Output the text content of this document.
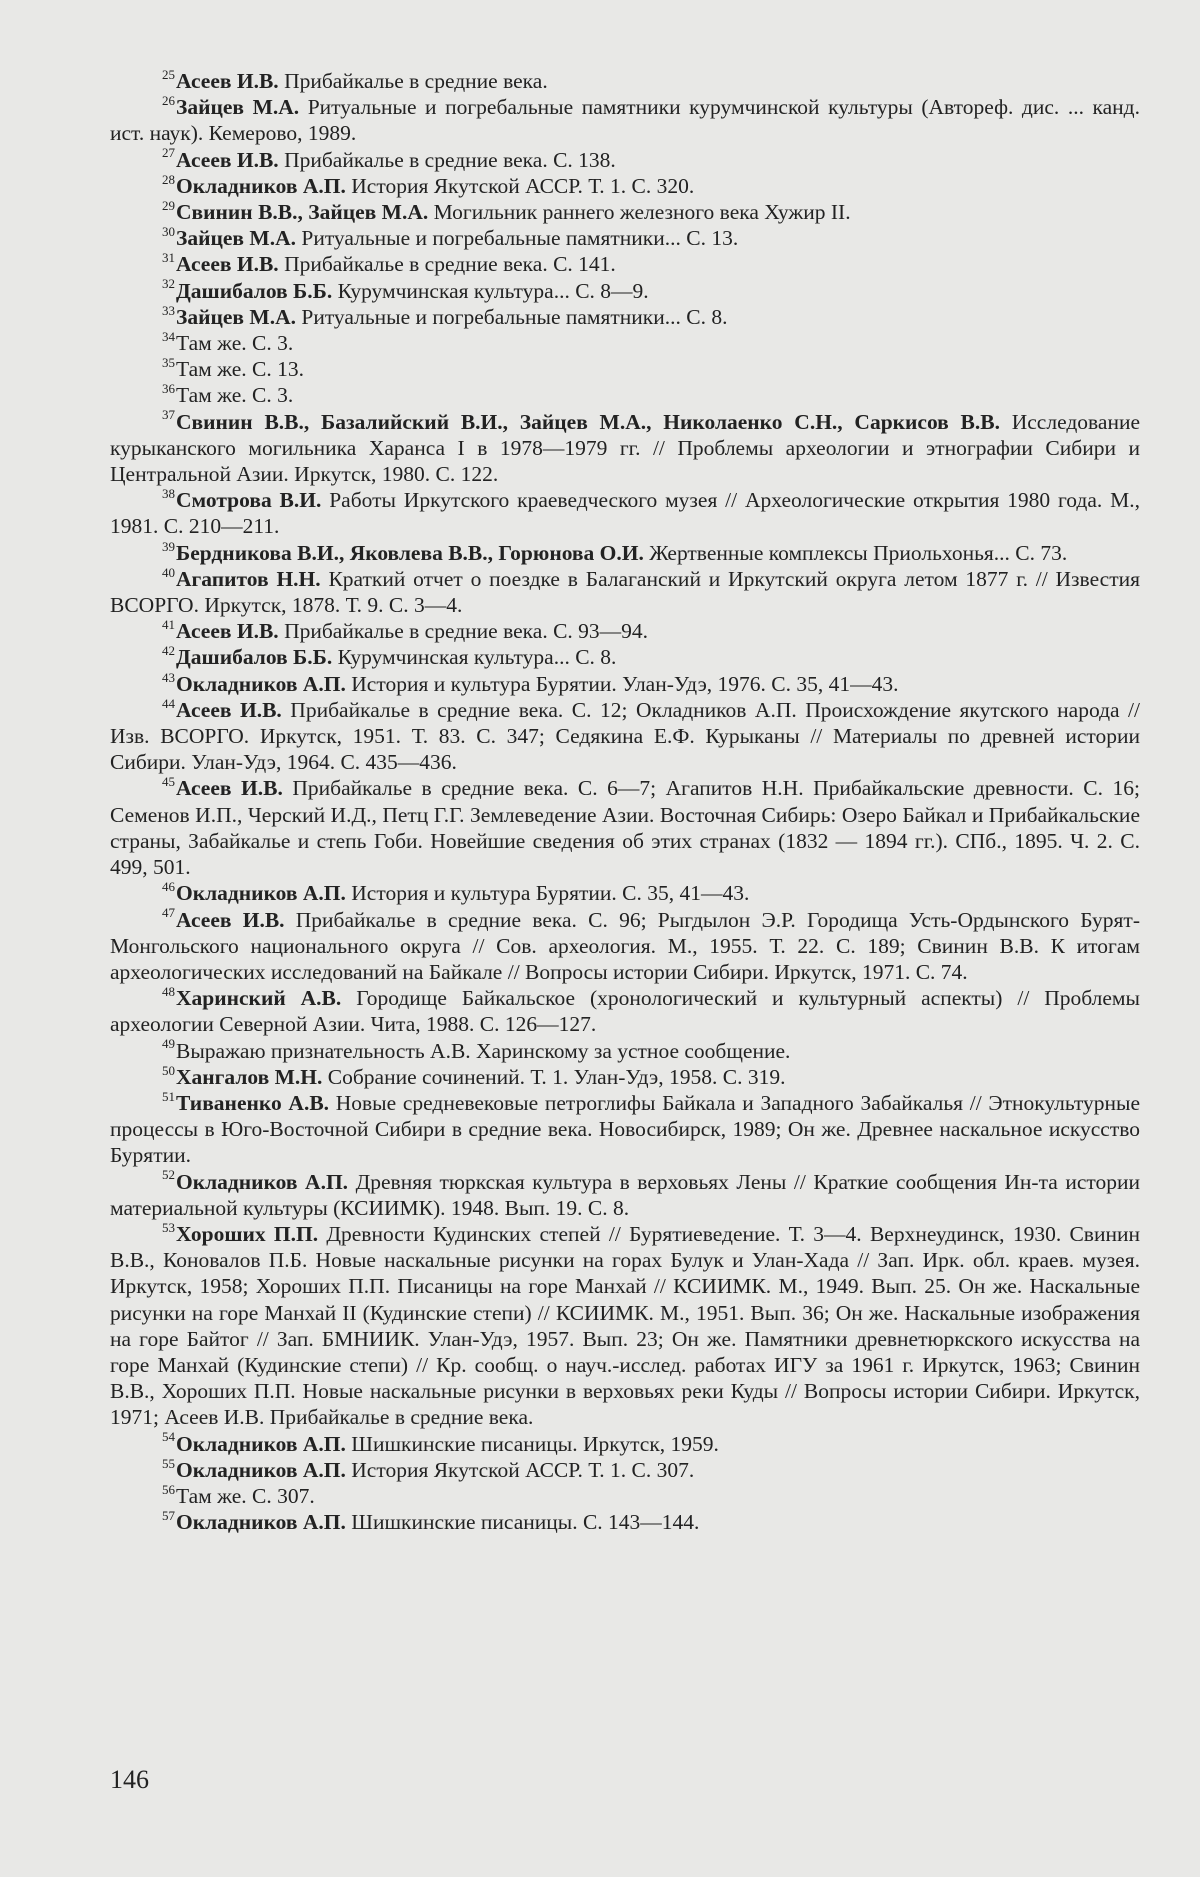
$^{25}$Асеев И.В. Прибайкалье в средние века.

$^{26}$Зайцев М.А. Ритуальные и погребальные памятники курумчинской культуры (Автореф. дис. ... канд. ист. наук). Кемерово, 1989.

$^{27}$Асеев И.В. Прибайкалье в средние века. С. 138.

$^{28}$Окладников А.П. История Якутской АССР. Т. 1. С. 320.

$^{29}$Свинин В.В., Зайцев М.А. Могильник раннего железного века Хужир II.

$^{30}$Зайцев М.А. Ритуальные и погребальные памятники... С. 13.

$^{31}$Асеев И.В. Прибайкалье в средние века. С. 141.

$^{32}$Дашибалов Б.Б. Курумчинская культура... С. 8—9.

$^{33}$Зайцев М.А. Ритуальные и погребальные памятники... С. 8.

$^{34}$Там же. С. 3.

$^{35}$Там же. С. 13.

$^{36}$Там же. С. 3.

$^{37}$Свинин В.В., Базалийский В.И., Зайцев М.А., Николаенко С.Н., Саркисов В.В. Исследование курыканского могильника Харанса I в 1978—1979 гг. // Проблемы археологии и этнографии Сибири и Центральной Азии. Иркутск, 1980. С. 122.

$^{38}$Смотрова В.И. Работы Иркутского краеведческого музея // Археологические открытия 1980 года. М., 1981. С. 210—211.

$^{39}$Бердникова В.И., Яковлева В.В., Горюнова О.И. Жертвенные комплексы Приольхонья... С. 73.

$^{40}$Агапитов Н.Н. Краткий отчет о поездке в Балаганский и Иркутский округа летом 1877 г. // Известия ВСОРГО. Иркутск, 1878. Т. 9. С. 3—4.

$^{41}$Асеев И.В. Прибайкалье в средние века. С. 93—94.

$^{42}$Дашибалов Б.Б. Курумчинская культура... С. 8.

$^{43}$Окладников А.П. История и культура Бурятии. Улан-Удэ, 1976. С. 35, 41—43.

$^{44}$Асеев И.В. Прибайкалье в средние века. С. 12; Окладников А.П. Происхождение якутского народа // Изв. ВСОРГО. Иркутск, 1951. Т. 83. С. 347; Седякина Е.Ф. Курыканы // Материалы по древней истории Сибири. Улан-Удэ, 1964. С. 435—436.

$^{45}$Асеев И.В. Прибайкалье в средние века. С. 6—7; Агапитов Н.Н. Прибайкальские древности. С. 16; Семенов И.П., Черский И.Д., Петц Г.Г. Землеведение Азии. Восточная Сибирь: Озеро Байкал и Прибайкальские страны, Забайкалье и степь Гоби. Новейшие сведения об этих странах (1832 — 1894 гг.). СПб., 1895. Ч. 2. С. 499, 501.

$^{46}$Окладников А.П. История и культура Бурятии. С. 35, 41—43.

$^{47}$Асеев И.В. Прибайкалье в средние века. С. 96; Рыгдылон Э.Р. Городища Усть-Ордынского Бурят-Монгольского национального округа // Сов. археология. М., 1955. Т. 22. С. 189; Свинин В.В. К итогам археологических исследований на Байкале // Вопросы истории Сибири. Иркутск, 1971. С. 74.

$^{48}$Харинский А.В. Городище Байкальское (хронологический и культурный аспекты) // Проблемы археологии Северной Азии. Чита, 1988. С. 126—127.

$^{49}$Выражаю признательность А.В. Харинскому за устное сообщение.

$^{50}$Хангалов М.Н. Собрание сочинений. Т. 1. Улан-Удэ, 1958. С. 319.

$^{51}$Тиваненко А.В. Новые средневековые петроглифы Байкала и Западного Забайкалья // Этнокультурные процессы в Юго-Восточной Сибири в средние века. Новосибирск, 1989; Он же. Древнее наскальное искусство Бурятии.

$^{52}$Окладников А.П. Древняя тюркская культура в верховьях Лены // Краткие сообщения Ин-та истории материальной культуры (КСИИМК). 1948. Вып. 19. С. 8.

$^{53}$Хороших П.П. Древности Кудинских степей // Бурятиеведение. Т. 3—4. Верхнеудинск, 1930. Свинин В.В., Коновалов П.Б. Новые наскальные рисунки на горах Булук и Улан-Хада // Зап. Ирк. обл. краев. музея. Иркутск, 1958; Хороших П.П. Писаницы на горе Манхай // КСИИМК. М., 1949. Вып. 25. Он же. Наскальные рисунки на горе Манхай II (Кудинские степи) // КСИИМК. М., 1951. Вып. 36; Он же. Наскальные изображения на горе Байтог // Зап. БМНИИК. Улан-Удэ, 1957. Вып. 23; Он же. Памятники древнетюркского искусства на горе Манхай (Кудинские степи) // Кр. сообщ. о науч.-исслед. работах ИГУ за 1961 г. Иркутск, 1963; Свинин В.В., Хороших П.П. Новые наскальные рисунки в верховьях реки Куды // Вопросы истории Сибири. Иркутск, 1971; Асеев И.В. Прибайкалье в средние века.

$^{54}$Окладников А.П. Шишкинские писаницы. Иркутск, 1959.

$^{55}$Окладников А.П. История Якутской АССР. Т. 1. С. 307.

$^{56}$Там же. С. 307.

$^{57}$Окладников А.П. Шишкинские писаницы. С. 143—144.

146
